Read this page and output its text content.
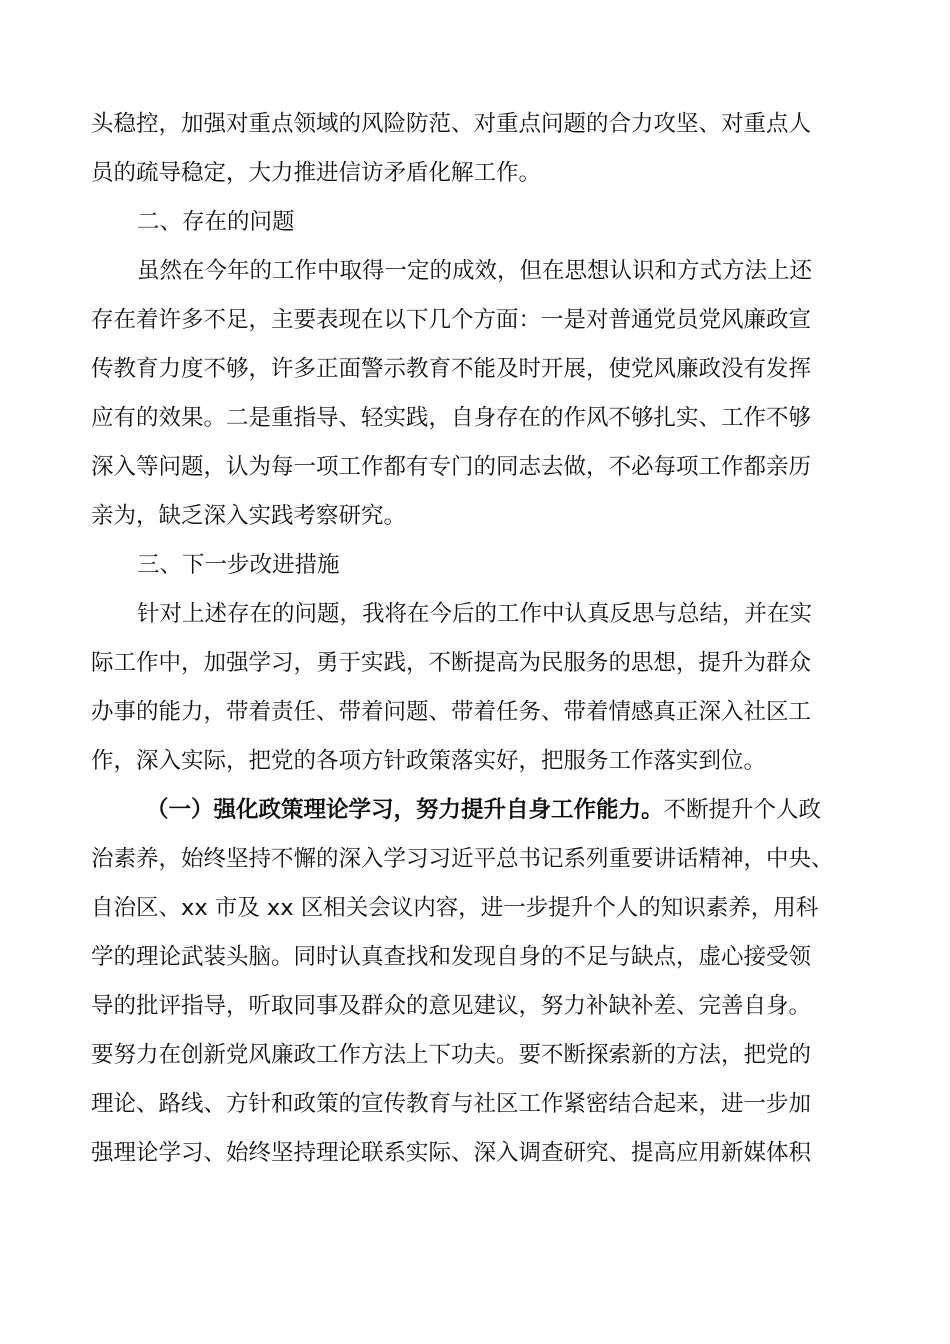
头稳控，加强对重点领域的风险防范、对重点问题的合力攻坚、对重点人
员的疏导稳定，大力推进信访矛盾化解工作。
二、存在的问题
虽然在今年的工作中取得一定的成效，但在思想认识和方式方法上还
存在着许多不足，主要表现在以下几个方面：一是对普通党员党风廉政宣
传教育力度不够，许多正面警示教育不能及时开展，使党风廉政没有发挥
应有的效果。二是重指导、轻实践，自身存在的作风不够扎实、工作不够
深入等问题，认为每一项工作都有专门的同志去做，不必每项工作都亲历
亲为，缺乏深入实践考察研究。
三、下一步改进措施
针对上述存在的问题，我将在今后的工作中认真反思与总结，并在实
际工作中，加强学习，勇于实践，不断提高为民服务的思想，提升为群众
办事的能力，带着责任、带着问题、带着任务、带着情感真正深入社区工
作，深入实际，把党的各项方针政策落实好，把服务工作落实到位。
（一）强化政策理论学习，努力提升自身工作能力。不断提升个人政
治素养，始终坚持不懈的深入学习习近平总书记系列重要讲话精神，中央、
自治区、xx 市及 xx 区相关会议内容，进一步提升个人的知识素养，用科
学的理论武装头脑。同时认真查找和发现自身的不足与缺点，虚心接受领
导的批评指导，听取同事及群众的意见建议，努力补缺补差、完善自身。
要努力在创新党风廉政工作方法上下功夫。要不断探索新的方法，把党的
理论、路线、方针和政策的宣传教育与社区工作紧密结合起来，进一步加
强理论学习、始终坚持理论联系实际、深入调查研究、提高应用新媒体积
